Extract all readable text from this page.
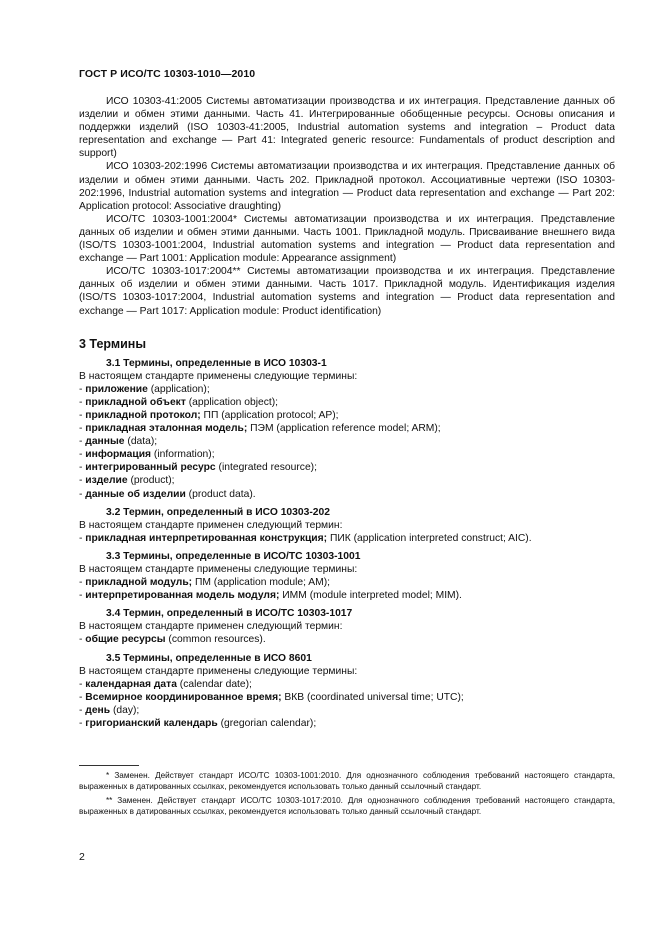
ГОСТ Р ИСО/ТС 10303-1010—2010

ИСО 10303-41:2005 Системы автоматизации производства и их интеграция. Представление данных об изделии и обмен этими данными. Часть 41. Интегрированные обобщенные ресурсы. Основы описания и поддержки изделий (ISO 10303-41:2005, Industrial automation systems and integration – Product data representation and exchange — Part 41: Integrated generic resource: Fundamentals of product description and support)

ИСО 10303-202:1996 Системы автоматизации производства и их интеграция. Представление данных об изделии и обмен этими данными. Часть 202. Прикладной протокол. Ассоциативные чертежи (ISO 10303-202:1996, Industrial automation systems and integration — Product data representation and exchange — Part 202: Application protocol: Associative draughting)

ИСО/ТС 10303-1001:2004* Системы автоматизации производства и их интеграция. Представление данных об изделии и обмен этими данными. Часть 1001. Прикладной модуль. Присваивание внешнего вида (ISO/TS 10303-1001:2004, Industrial automation systems and integration — Product data representation and exchange — Part 1001: Application module: Appearance assignment)

ИСО/ТС 10303-1017:2004** Системы автоматизации производства и их интеграция. Представление данных об изделии и обмен этими данными. Часть 1017. Прикладной модуль. Идентификация изделия (ISO/TS 10303-1017:2004, Industrial automation systems and integration — Product data representation and exchange — Part 1017: Application module: Product identification)

3 Термины
3.1 Термины, определенные в ИСО 10303-1

В настоящем стандарте применены следующие термины:

- приложение (application);

- прикладной объект (application object);

- прикладной протокол; ПП (application protocol; AP);

- прикладная эталонная модель; ПЭМ (application reference model; ARM);

- данные (data);

- информация (information);

- интегрированный ресурс (integrated resource);

- изделие (product);

- данные об изделии (product data).

3.2 Термин, определенный в ИСО 10303-202

В настоящем стандарте применен следующий термин:

- прикладная интерпретированная конструкция; ПИК (application interpreted construct; AIC).

3.3 Термины, определенные в ИСО/ТС 10303-1001

В настоящем стандарте применены следующие термины:

- прикладной модуль; ПМ (application module; AM);

- интерпретированная модель модуля; ИММ (module interpreted model; MIM).

3.4 Термин, определенный в ИСО/ТС 10303-1017

В настоящем стандарте применен следующий термин:

- общие ресурсы (common resources).

3.5 Термины, определенные в ИСО 8601

В настоящем стандарте применены следующие термины:

- календарная дата (calendar date);

- Всемирное координированное время; ВКВ (coordinated universal time; UTC);

- день (day);

- григорианский календарь (gregorian calendar);

* Заменен. Действует стандарт ИСО/ТС 10303-1001:2010. Для однозначного соблюдения требований настоящего стандарта, выраженных в датированных ссылках, рекомендуется использовать только данный ссылочный стандарт.

** Заменен. Действует стандарт ИСО/ТС 10303-1017:2010. Для однозначного соблюдения требований настоящего стандарта, выраженных в датированных ссылках, рекомендуется использовать только данный ссылочный стандарт.

2
